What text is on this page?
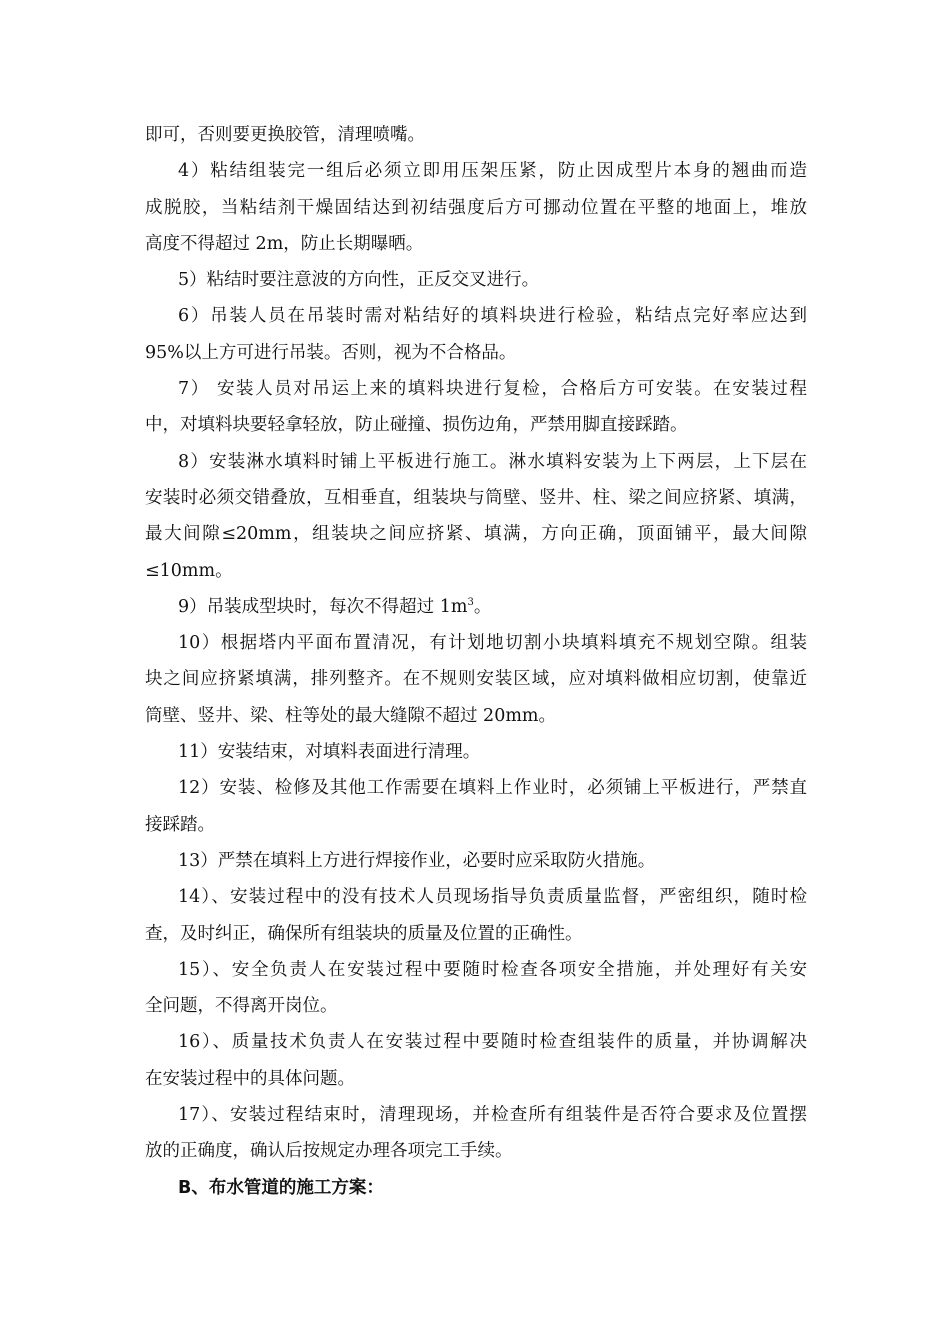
即可，否则要更换胶管，清理喷嘴。
4）粘结组装完一组后必须立即用压架压紧，防止因成型片本身的翘曲而造
成脱胶，当粘结剂干燥固结达到初结强度后方可挪动位置在平整的地面上，堆放
高度不得超过 2m，防止长期曝晒。
5）粘结时要注意波的方向性，正反交叉进行。
6）吊装人员在吊装时需对粘结好的填料块进行检验，粘结点完好率应达到
95%以上方可进行吊装。否则，视为不合格品。
7） 安装人员对吊运上来的填料块进行复检，合格后方可安装。在安装过程
中，对填料块要轻拿轻放，防止碰撞、损伤边角，严禁用脚直接踩踏。
8）安装淋水填料时铺上平板进行施工。淋水填料安装为上下两层，上下层在
安装时必须交错叠放，互相垂直，组装块与筒壁、竖井、柱、梁之间应挤紧、填满，
最大间隙≤20mm，组装块之间应挤紧、填满，方向正确，顶面铺平，最大间隙
≤10mm。
9）吊装成型块时，每次不得超过 $1m^3$。
10）根据塔内平面布置清况，有计划地切割小块填料填充不规划空隙。组装
块之间应挤紧填满，排列整齐。在不规则安装区域，应对填料做相应切割，使靠近
筒壁、竖井、梁、柱等处的最大缝隙不超过 20mm。
11）安装结束，对填料表面进行清理。
12）安装、检修及其他工作需要在填料上作业时，必须铺上平板进行，严禁直
接踩踏。
13）严禁在填料上方进行焊接作业，必要时应采取防火措施。
14）、安装过程中的没有技术人员现场指导负责质量监督，严密组织，随时检
查，及时纠正，确保所有组装块的质量及位置的正确性。
15）、安全负责人在安装过程中要随时检查各项安全措施，并处理好有关安
全问题，不得离开岗位。
16）、质量技术负责人在安装过程中要随时检查组装件的质量，并协调解决
在安装过程中的具体问题。
17）、安装过程结束时，清理现场，并检查所有组装件是否符合要求及位置摆
放的正确度，确认后按规定办理各项完工手续。
B、布水管道的施工方案：
